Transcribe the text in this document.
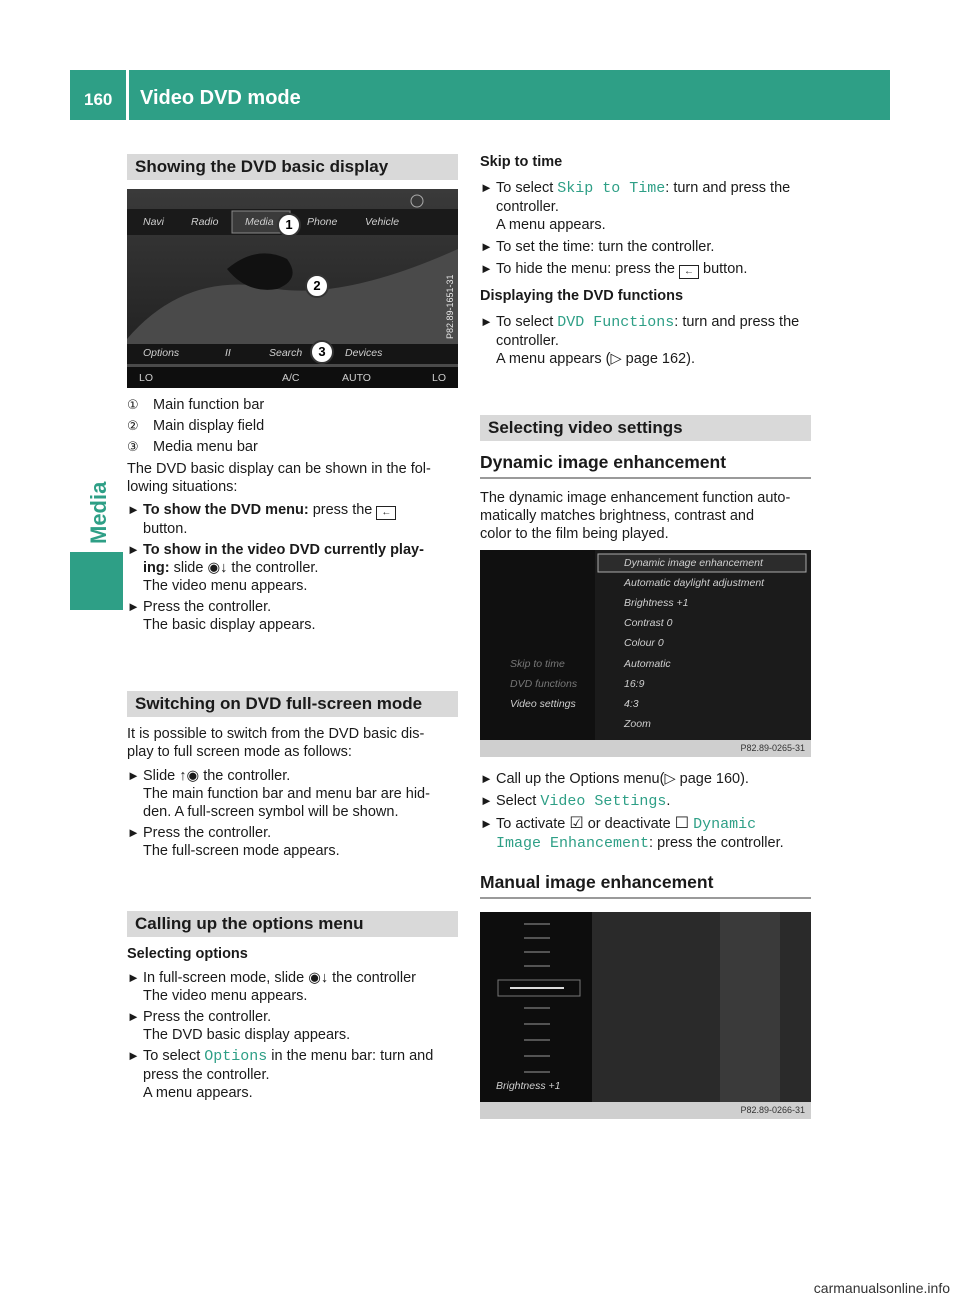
160 Video DVD mode
Media
Showing the DVD basic display
Navi	Radio	Media	Phone	Vehicle
Options	II	Search	Devices
LO	A/C	AUTO	LO
P82.89-1651-31
1
2
3
① Main function bar
② Main display field
③ Media menu bar

The DVD basic display can be shown in the fol-
lowing situations:

► To show the DVD menu: press the ←
button.
► To show in the video DVD currently play-
ing: slide ◉↓ the controller.
The video menu appears.
► Press the controller.
The basic display appears.
Switching on DVD full-screen mode

It is possible to switch from the DVD basic dis-
play to full screen mode as follows:

► Slide ↑◉ the controller.
The main function bar and menu bar are hid-
den. A full-screen symbol will be shown.
► Press the controller.
The full-screen mode appears.
Calling up the options menu
Selecting options
► In full-screen mode, slide ◉↓ the controller
The video menu appears.
► Press the controller.
The DVD basic display appears.
► To select Options in the menu bar: turn and
press the controller.
A menu appears.
Skip to time
► To select Skip to Time: turn and press the
controller.
A menu appears.
► To set the time: turn the controller.
► To hide the menu: press the ← button.
Displaying the DVD functions
► To select DVD Functions: turn and press the
controller.
A menu appears (▷ page 162).
Selecting video settings
Dynamic image enhancement

The dynamic image enhancement function auto-
matically matches brightness, contrast and
color to the film being played.

Skip to time
DVD functions
Video settings
Dynamic image enhancement
Automatic daylight adjustment
Brightness +1
Contrast 0
Colour 0
Automatic
16:9
4:3
Zoom
P82.89-0265-31
► Call up the Options menu(▷ page 160).
► Select Video Settings.
► To activate ☑ or deactivate ☐ Dynamic
Image Enhancement: press the controller.
Manual image enhancement
Brightness +1
P82.89-0266-31
carmanualsonline.info
